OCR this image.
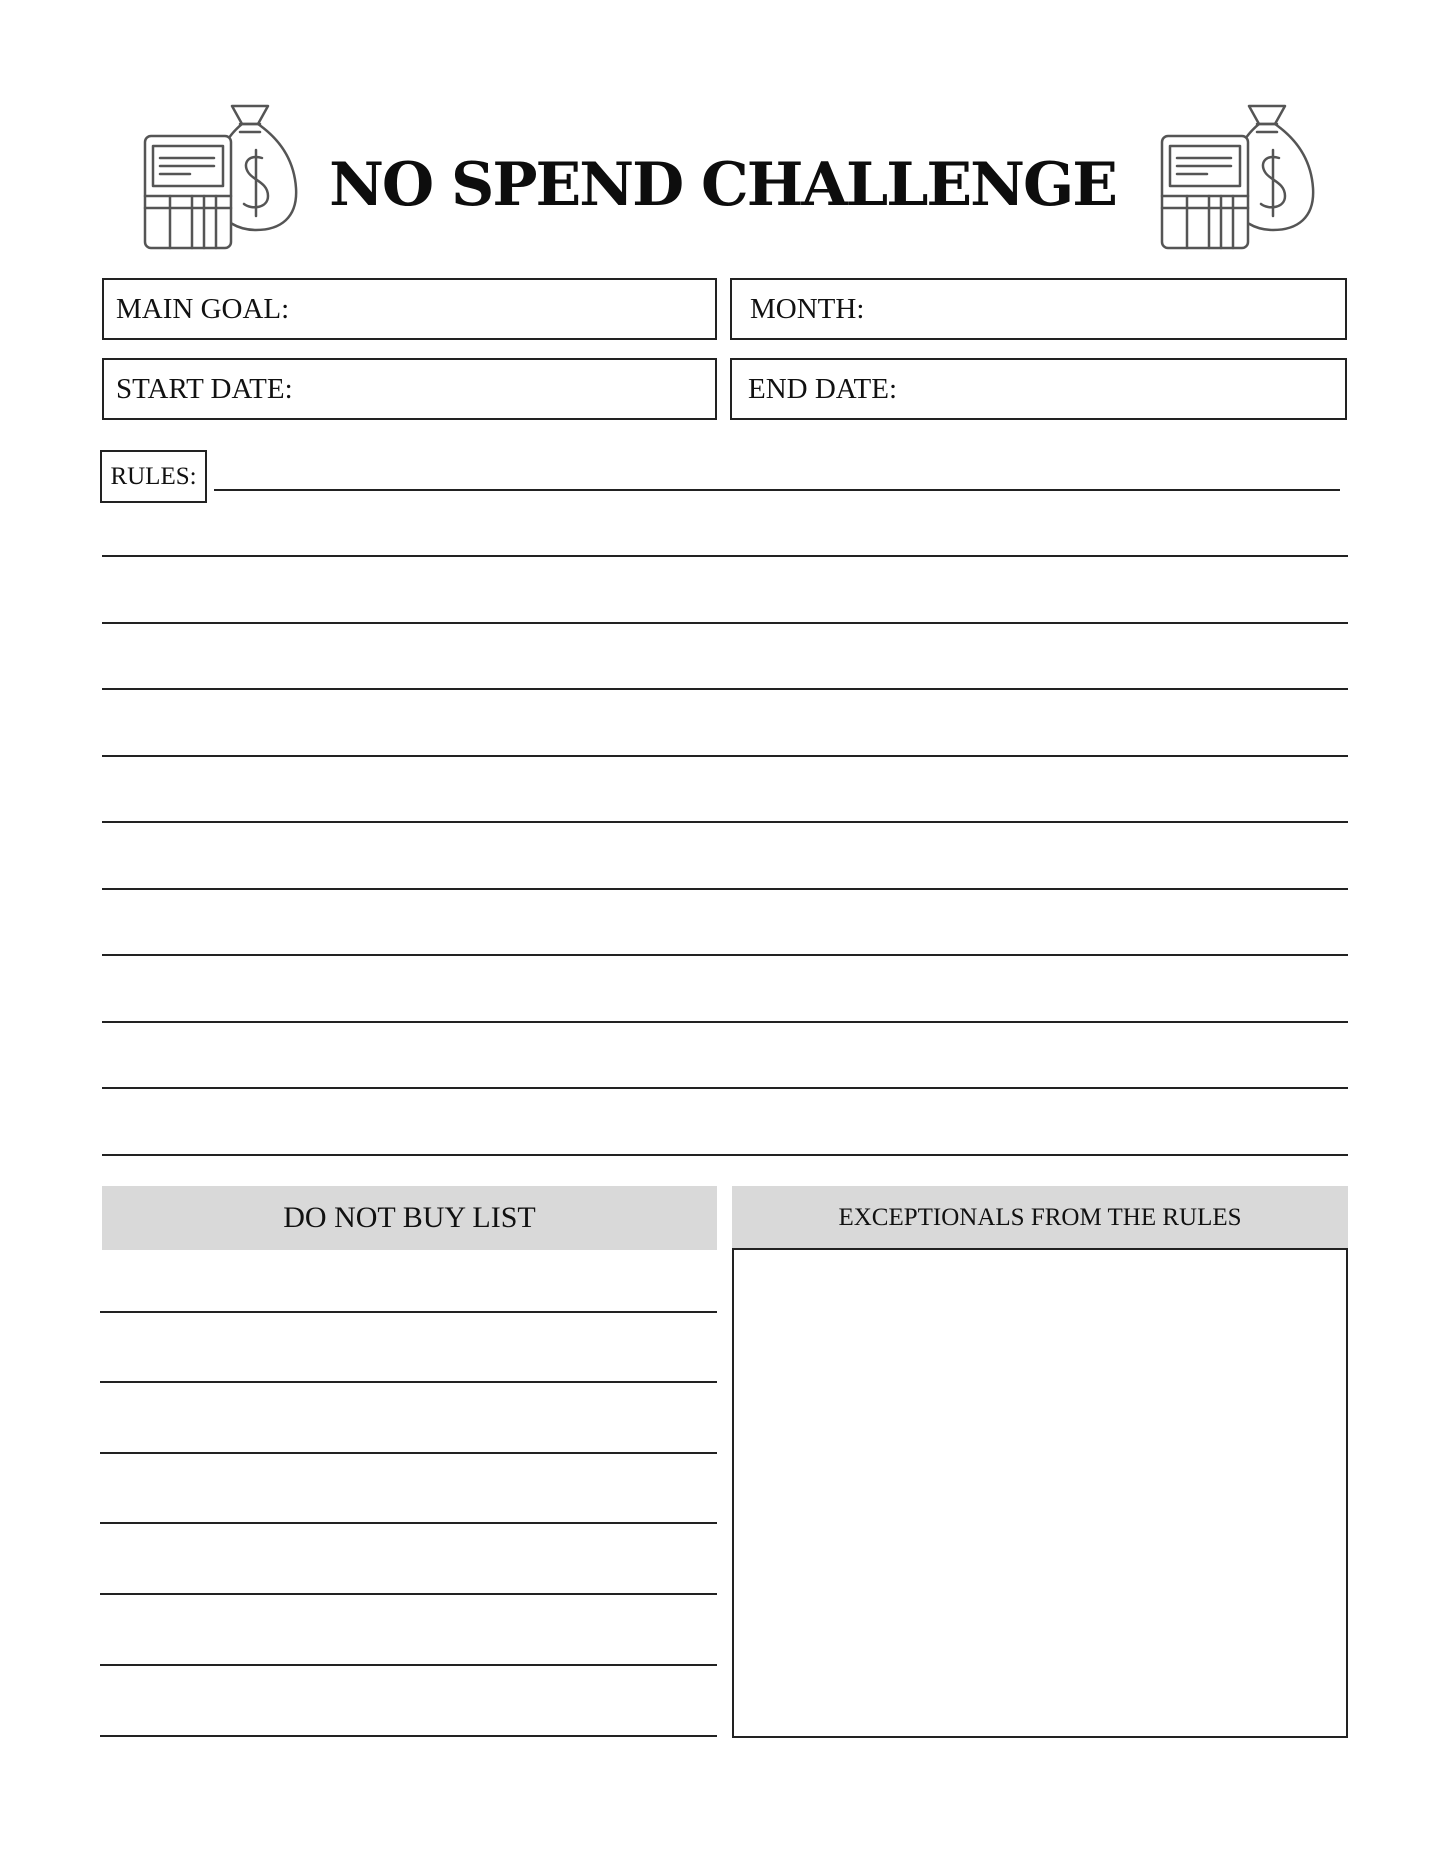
NO SPEND CHALLENGE
MAIN GOAL:	MONTH:
START DATE:	END DATE:
RULES:
DO NOT BUY LIST	EXCEPTIONALS FROM THE RULES
